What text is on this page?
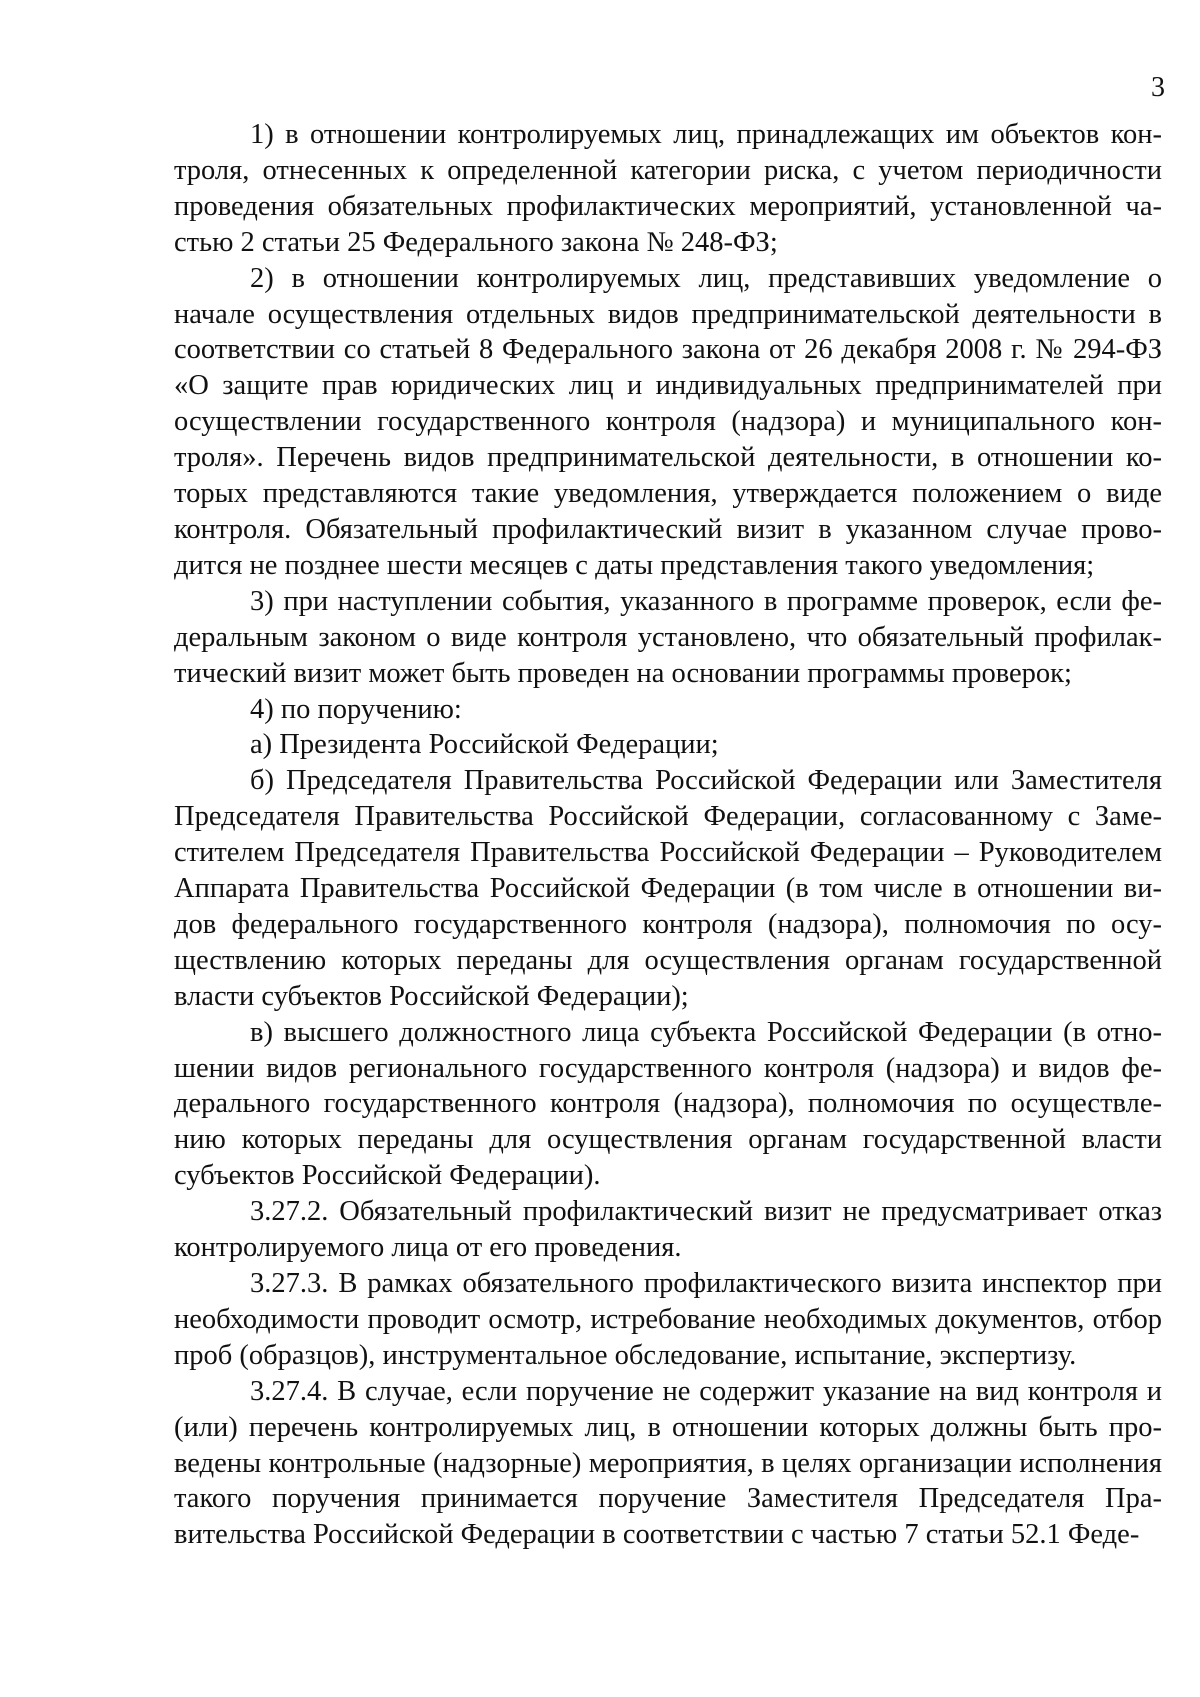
3

1) в отношении контролируемых лиц, принадлежащих им объектов контроля, отнесенных к определенной категории риска, с учетом периодичности проведения обязательных профилактических мероприятий, установленной частью 2 статьи 25 Федерального закона № 248-ФЗ;

2) в отношении контролируемых лиц, представивших уведомление о начале осуществления отдельных видов предпринимательской деятельности в соответствии со статьей 8 Федерального закона от 26 декабря 2008 г. № 294-ФЗ «О защите прав юридических лиц и индивидуальных предпринимателей при осуществлении государственного контроля (надзора) и муниципального контроля». Перечень видов предпринимательской деятельности, в отношении которых представляются такие уведомления, утверждается положением о виде контроля. Обязательный профилактический визит в указанном случае проводится не позднее шести месяцев с даты представления такого уведомления;

3) при наступлении события, указанного в программе проверок, если федеральным законом о виде контроля установлено, что обязательный профилактический визит может быть проведен на основании программы проверок;

4) по поручению:

а) Президента Российской Федерации;

б) Председателя Правительства Российской Федерации или Заместителя Председателя Правительства Российской Федерации, согласованному с Заместителем Председателя Правительства Российской Федерации – Руководителем Аппарата Правительства Российской Федерации (в том числе в отношении видов федерального государственного контроля (надзора), полномочия по осуществлению которых переданы для осуществления органам государственной власти субъектов Российской Федерации);

в) высшего должностного лица субъекта Российской Федерации (в отношении видов регионального государственного контроля (надзора) и видов федерального государственного контроля (надзора), полномочия по осуществлению которых переданы для осуществления органам государственной власти субъектов Российской Федерации).

3.27.2. Обязательный профилактический визит не предусматривает отказ контролируемого лица от его проведения.

3.27.3. В рамках обязательного профилактического визита инспектор при необходимости проводит осмотр, истребование необходимых документов, отбор проб (образцов), инструментальное обследование, испытание, экспертизу.

3.27.4. В случае, если поручение не содержит указание на вид контроля и (или) перечень контролируемых лиц, в отношении которых должны быть проведены контрольные (надзорные) мероприятия, в целях организации исполнения такого поручения принимается поручение Заместителя Председателя Правительства Российской Федерации в соответствии с частью 7 статьи 52.1 Феде-
